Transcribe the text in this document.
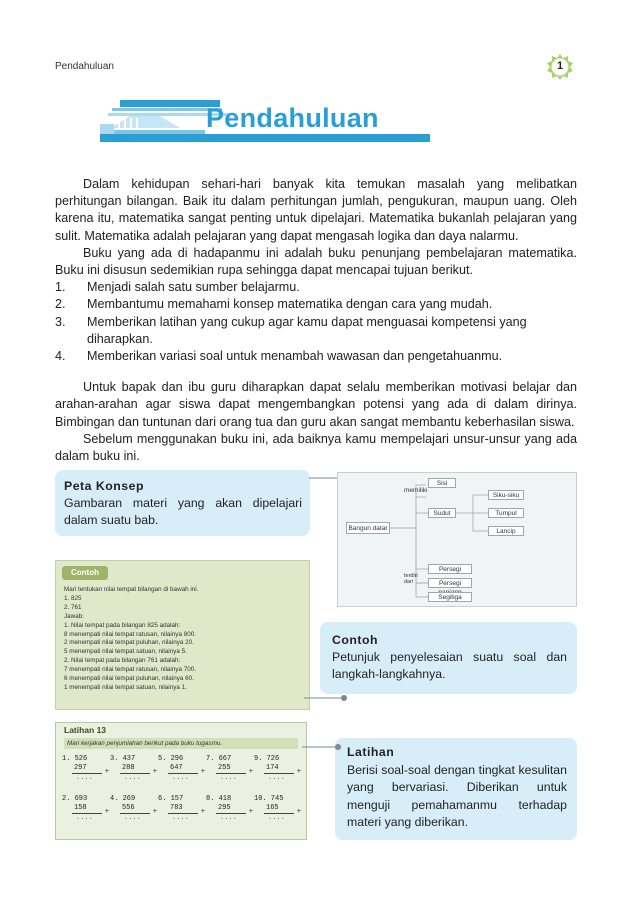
Pendahuluan	1
Pendahuluan

Dalam kehidupan sehari-hari banyak kita temukan masalah yang melibatkan perhitungan bilangan. Baik itu dalam perhitungan jumlah, pengukuran, maupun uang. Oleh karena itu, matematika sangat penting untuk dipelajari. Matematika bukanlah pelajaran yang sulit. Matematika adalah pelajaran yang dapat mengasah logika dan daya nalarmu.

Buku yang ada di hadapanmu ini adalah buku penunjang pembelajaran matematika. Buku ini disusun sedemikian rupa sehingga dapat mencapai tujuan berikut.

1.	Menjadi salah satu sumber belajarmu.
2.	Membantumu memahami konsep matematika dengan cara yang mudah.
3.	Memberikan latihan yang cukup agar kamu dapat menguasai kompetensi yang diharapkan.
4.	Memberikan variasi soal untuk menambah wawasan dan pengetahuanmu.

Untuk bapak dan ibu guru diharapkan dapat selalu memberikan motivasi belajar dan arahan-arahan agar siswa dapat mengembangkan potensi yang ada di dalam dirinya. Bimbingan dan tuntunan dari orang tua dan guru akan sangat membantu keberhasilan siswa.

Sebelum menggunakan buku ini, ada baiknya kamu mempelajari unsur-unsur yang ada dalam buku ini.

Peta Konsep
Gambaran materi yang akan dipelajari dalam suatu bab.
Bangun datar
memiliki
Sisi
Sudut
Siku-siku
Tumpul
Lancip
terdiri dari
Persegi
Persegi
Segitiga
Contoh
Mari tentukan nilai tempat bilangan di bawah ini.
1. 825
2. 761
Jawab:
1. Nilai tempat pada bilangan 825 adalah:
8 menempati nilai tempat ratusan, nilainya 800.
2 menempati nilai tempat puluhan, nilainya 20.
5 menempati nilai tempat satuan, nilainya 5.
2. Nilai tempat pada bilangan 761 adalah:
7 menempati nilai tempat ratusan, nilainya 700.
6 menempati nilai tempat puluhan, nilainya 60.
1 menempati nilai tempat satuan, nilainya 1.
Contoh
Petunjuk penyelesaian suatu soal dan langkah-langkahnya.
Latihan 13
Mari kerjakan penjumlahan berikut pada buku tugasmu.
1. 526
297
+
....
3. 437
288
+
....
5. 296
647
+
....
7. 667
255
+
....
9. 726
174
+
....
2. 693
158
+
....
4. 269
556
+
....
6. 157
783
+
....
8. 418
295
+
....
10. 745
165
+
....
Latihan
Berisi soal-soal dengan tingkat kesulitan yang bervariasi. Diberikan untuk menguji pemahamanmu terhadap materi yang diberikan.
